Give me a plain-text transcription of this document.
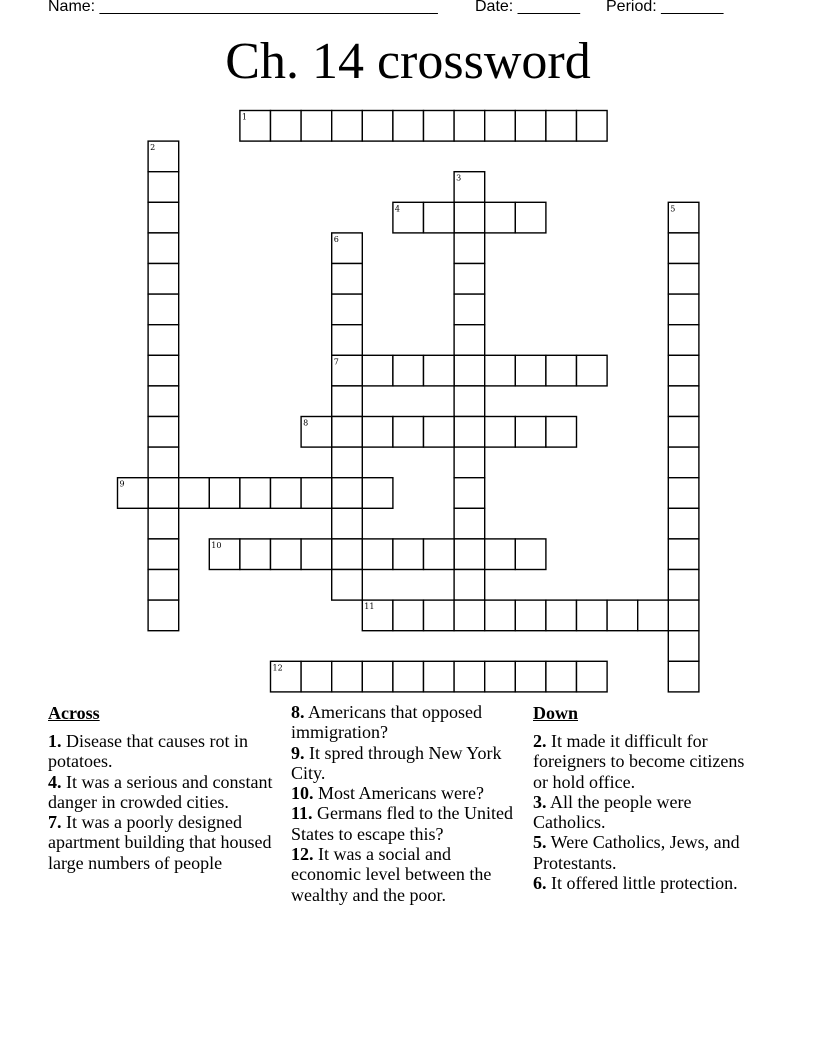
Name: ______________________________________

Date: _______

Period: _______

Ch. 14 crossword
1
2
3
4	5
6
7
8
9
10
11
12
Across

1. Disease that causes rot in potatoes.

4. It was a serious and constant danger in crowded cities.

7. It was a poorly designed apartment building that housed large numbers of people

8. Americans that opposed immigration?

9. It spred through New York City.

10. Most Americans were?

11. Germans fled to the United States to escape this?

12. It was a social and economic level between the wealthy and the poor.

Down

2. It made it difficult for foreigners to become citizens or hold office.

3. All the people were Catholics.

5. Were Catholics, Jews, and Protestants.

6. It offered little protection.
